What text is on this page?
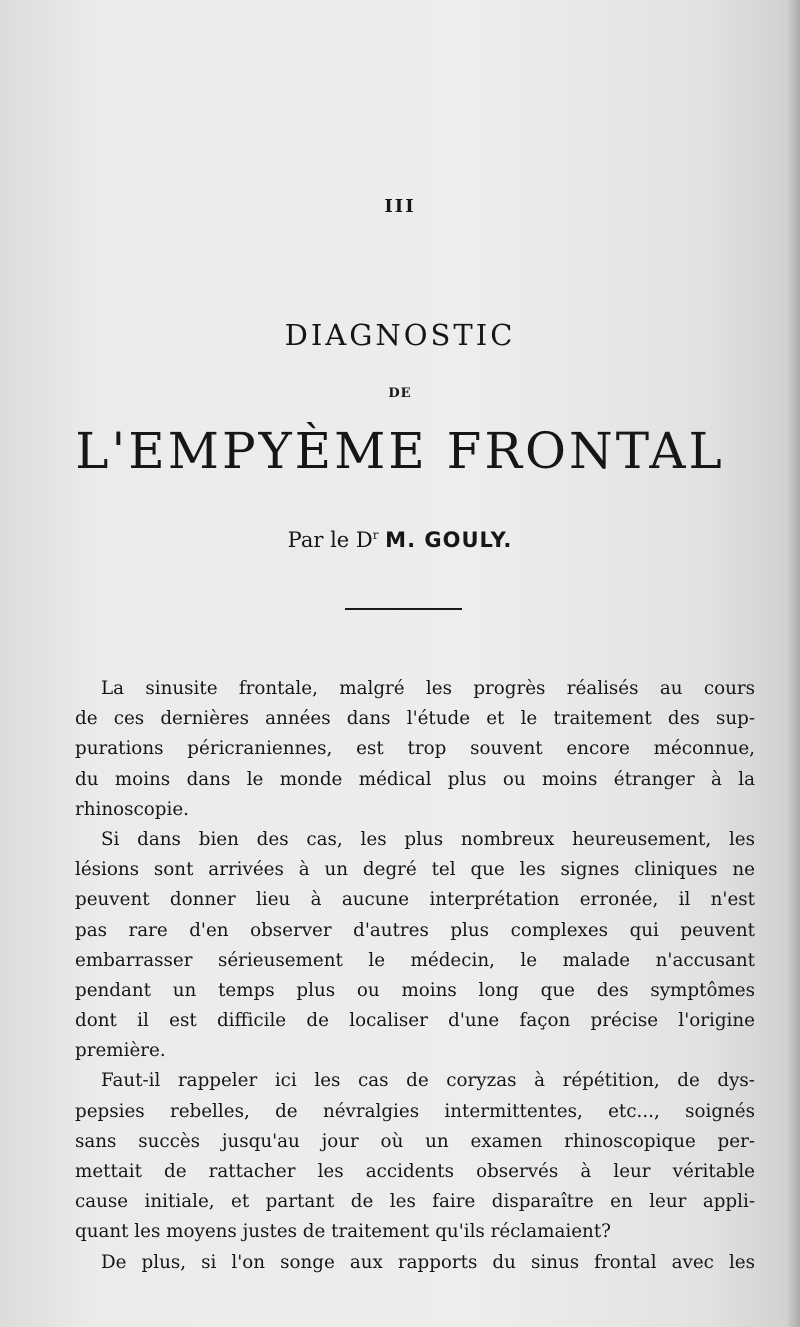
III
DIAGNOSTIC
DE
L'EMPYÈME FRONTAL
Par le $D^r$ M. GOULY.
La sinusite frontale, malgré les progrès réalisés au cours
de ces dernières années dans l'étude et le traitement des sup-
purations péricraniennes, est trop souvent encore méconnue,
du moins dans le monde médical plus ou moins étranger à la
rhinoscopie.
Si dans bien des cas, les plus nombreux heureusement, les
lésions sont arrivées à un degré tel que les signes cliniques ne
peuvent donner lieu à aucune interprétation erronée, il n'est
pas rare d'en observer d'autres plus complexes qui peuvent
embarrasser sérieusement le médecin, le malade n'accusant
pendant un temps plus ou moins long que des symptômes
dont il est difficile de localiser d'une façon précise l'origine
première.
Faut-il rappeler ici les cas de coryzas à répétition, de dys-
pepsies rebelles, de névralgies intermittentes, etc..., soignés
sans succès jusqu'au jour où un examen rhinoscopique per-
mettait de rattacher les accidents observés à leur véritable
cause initiale, et partant de les faire disparaître en leur appli-
quant les moyens justes de traitement qu'ils réclamaient?
De plus, si l'on songe aux rapports du sinus frontal avec les
